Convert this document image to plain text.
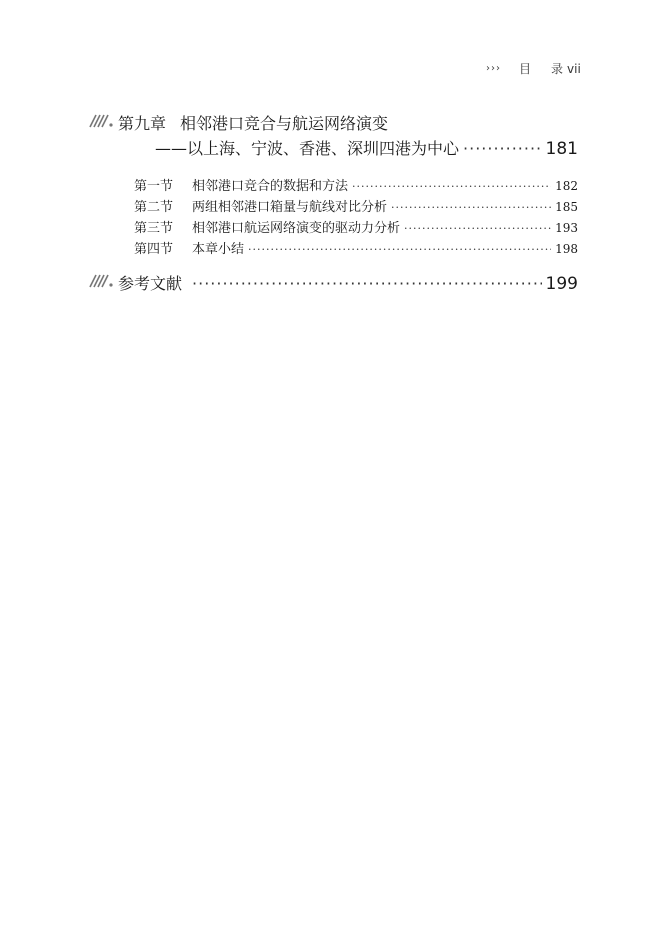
››› 目 录 vii
第九章 相邻港口竞合与航运网络演变
——以上海、宁波、香港、深圳四港为中心 ·····	181
第一节	相邻港口竞合的数据和方法 ·····	182
第二节	两组相邻港口箱量与航线对比分析 ·····	185
第三节	相邻港口航运网络演变的驱动力分析 ·····	193
第四节	本章小结 ·····	198
参考文献 ·····	199
